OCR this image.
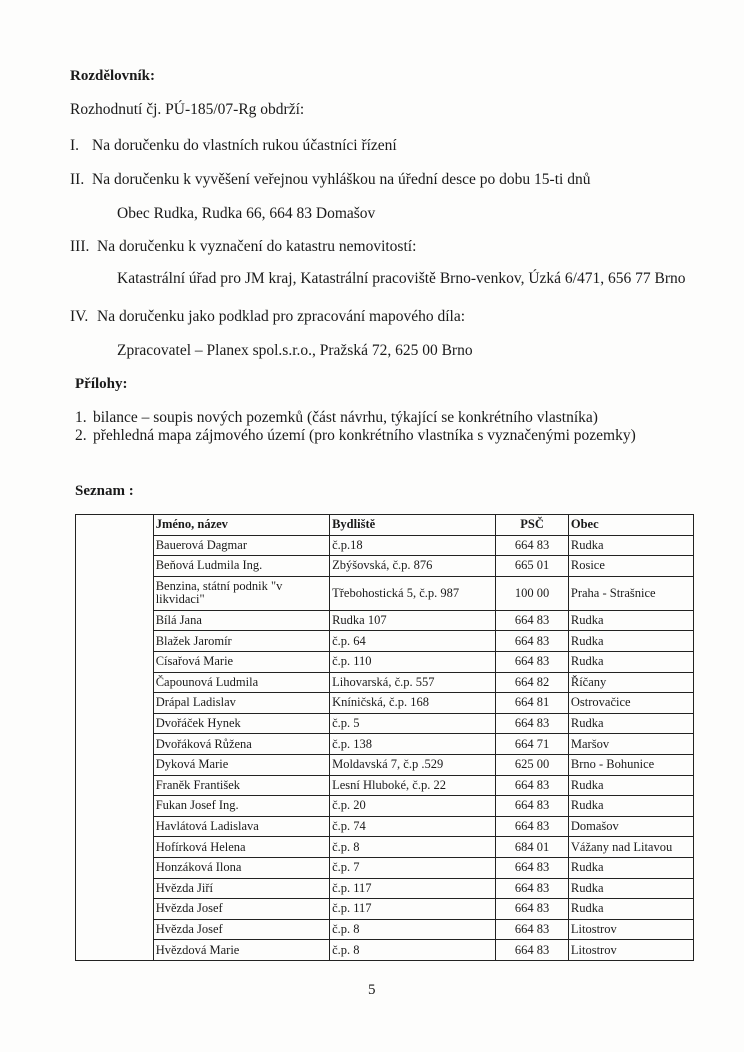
Rozdělovník:
Rozhodnutí čj. PÚ-185/07-Rg obdrží:
I. Na doručenku do vlastních rukou účastníci řízení
II. Na doručenku k vyvěšení veřejnou vyhláškou na úřední desce po dobu 15-ti dnů
Obec Rudka, Rudka 66, 664 83 Domašov
III. Na doručenku k vyznačení do katastru nemovitostí:
Katastrální úřad pro JM kraj, Katastrální pracoviště Brno-venkov, Úzká 6/471, 656 77 Brno
IV. Na doručenku jako podklad pro zpracování mapového díla:
Zpracovatel – Planex spol.s.r.o., Pražská 72, 625 00 Brno
Přílohy:
1. bilance – soupis nových pozemků (část návrhu, týkající se konkrétního vlastníka)
2. přehledná mapa zájmového území (pro konkrétního vlastníka s vyznačenými pozemky)
Seznam :
	Jméno, název	Bydliště	PSČ	Obec
	Bauerová Dagmar	č.p.18	664 83	Rudka
	Beňová Ludmila Ing.	Zbýšovská, č.p. 876	665 01	Rosice
	Benzina, státní podnik "v likvidaci"	Třebohostická 5, č.p. 987	100 00	Praha - Strašnice
	Bílá Jana	Rudka 107	664 83	Rudka
	Blažek Jaromír	č.p. 64	664 83	Rudka
	Císařová Marie	č.p. 110	664 83	Rudka
	Čapounová Ludmila	Lihovarská, č.p. 557	664 82	Říčany
	Drápal Ladislav	Kníničská, č.p. 168	664 81	Ostrovačice
	Dvořáček Hynek	č.p. 5	664 83	Rudka
	Dvořáková Růžena	č.p. 138	664 71	Maršov
	Dyková Marie	Moldavská 7, č.p .529	625 00	Brno - Bohunice
	Franěk František	Lesní Hluboké, č.p. 22	664 83	Rudka
	Fukan Josef Ing.	č.p. 20	664 83	Rudka
	Havlátová Ladislava	č.p. 74	664 83	Domašov
	Hofírková Helena	č.p. 8	684 01	Vážany nad Litavou
	Honzáková Ilona	č.p. 7	664 83	Rudka
	Hvězda Jiří	č.p. 117	664 83	Rudka
	Hvězda Josef	č.p. 117	664 83	Rudka
	Hvězda Josef	č.p. 8	664 83	Litostrov
	Hvězdová Marie	č.p. 8	664 83	Litostrov
5
